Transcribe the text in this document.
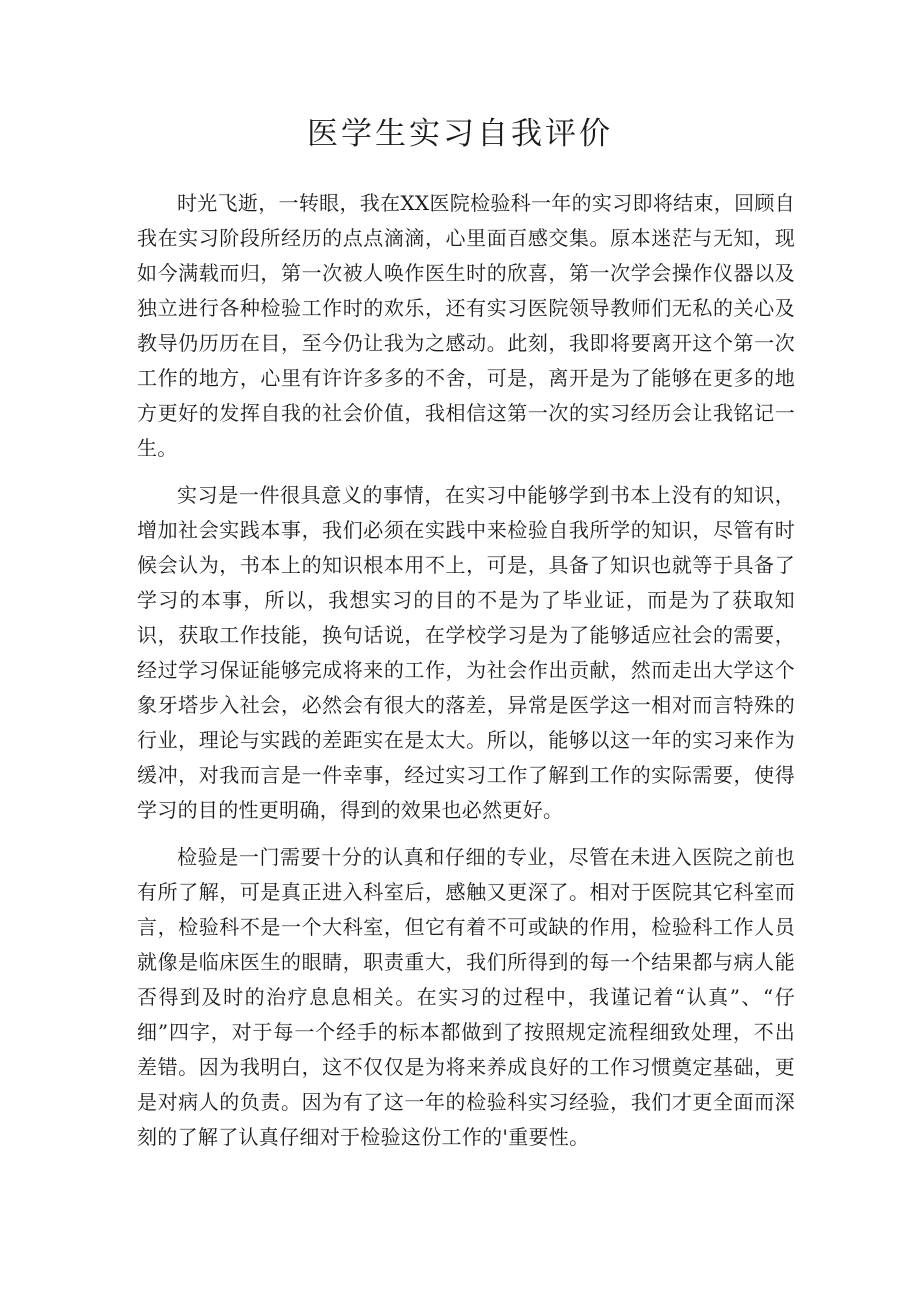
医学生实习自我评价

时光飞逝，一转眼，我在XX医院检验科一年的实习即将结束，回顾自我在实习阶段所经历的点点滴滴，心里面百感交集。原本迷茫与无知，现如今满载而归，第一次被人唤作医生时的欣喜，第一次学会操作仪器以及独立进行各种检验工作时的欢乐，还有实习医院领导教师们无私的关心及教导仍历历在目，至今仍让我为之感动。此刻，我即将要离开这个第一次工作的地方，心里有许许多多的不舍，可是，离开是为了能够在更多的地方更好的发挥自我的社会价值，我相信这第一次的实习经历会让我铭记一生。

实习是一件很具意义的事情，在实习中能够学到书本上没有的知识，增加社会实践本事，我们必须在实践中来检验自我所学的知识，尽管有时候会认为，书本上的知识根本用不上，可是，具备了知识也就等于具备了学习的本事，所以，我想实习的目的不是为了毕业证，而是为了获取知识，获取工作技能，换句话说，在学校学习是为了能够适应社会的需要，经过学习保证能够完成将来的工作，为社会作出贡献，然而走出大学这个象牙塔步入社会，必然会有很大的落差，异常是医学这一相对而言特殊的行业，理论与实践的差距实在是太大。所以，能够以这一年的实习来作为缓冲，对我而言是一件幸事，经过实习工作了解到工作的实际需要，使得学习的目的性更明确，得到的效果也必然更好。

检验是一门需要十分的认真和仔细的专业，尽管在未进入医院之前也有所了解，可是真正进入科室后，感触又更深了。相对于医院其它科室而言，检验科不是一个大科室，但它有着不可或缺的作用，检验科工作人员就像是临床医生的眼睛，职责重大，我们所得到的每一个结果都与病人能否得到及时的治疗息息相关。在实习的过程中，我谨记着“认真”、“仔细”四字，对于每一个经手的标本都做到了按照规定流程细致处理，不出差错。因为我明白，这不仅仅是为将来养成良好的工作习惯奠定基础，更是对病人的负责。因为有了这一年的检验科实习经验，我们才更全面而深刻的了解了认真仔细对于检验这份工作的'重要性。
